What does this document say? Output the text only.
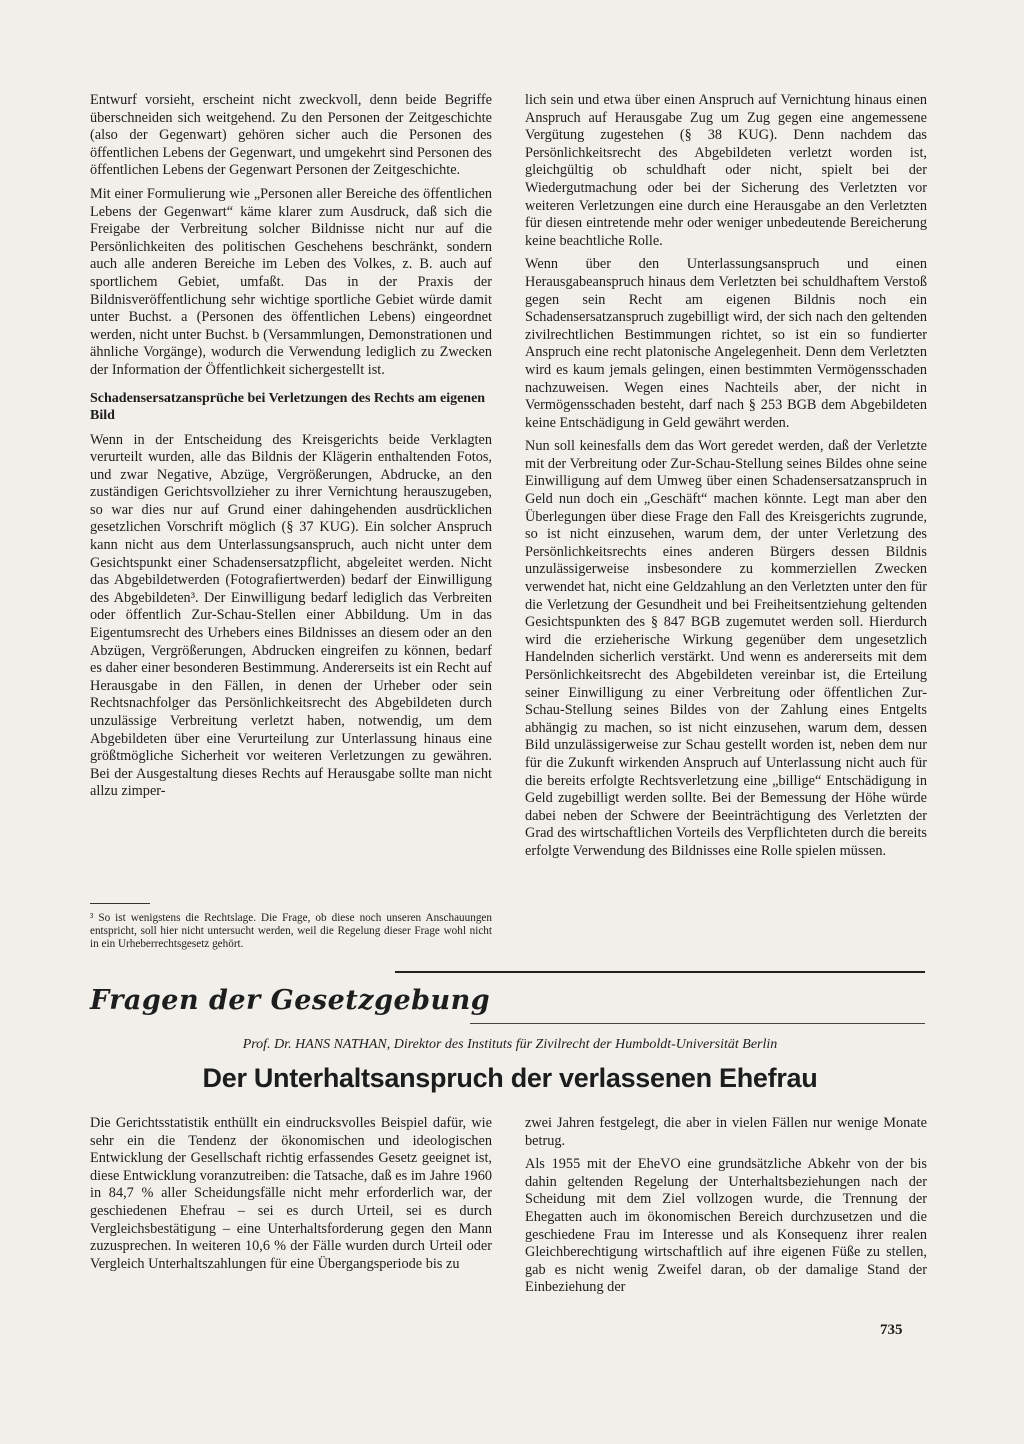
Entwurf vorsieht, erscheint nicht zweckvoll, denn beide Begriffe überschneiden sich weitgehend. Zu den Personen der Zeitgeschichte (also der Gegenwart) gehören sicher auch die Personen des öffentlichen Lebens der Gegenwart, und umgekehrt sind Personen des öffentlichen Lebens der Gegenwart Personen der Zeitgeschichte.

Mit einer Formulierung wie „Personen aller Bereiche des öffentlichen Lebens der Gegenwart“ käme klarer zum Ausdruck, daß sich die Freigabe der Verbreitung solcher Bildnisse nicht nur auf die Persönlichkeiten des politischen Geschehens beschränkt, sondern auch alle anderen Bereiche im Leben des Volkes, z. B. auch auf sportlichem Gebiet, umfaßt. Das in der Praxis der Bildnisveröffentlichung sehr wichtige sportliche Gebiet würde damit unter Buchst. a (Personen des öffentlichen Lebens) eingeordnet werden, nicht unter Buchst. b (Versammlungen, Demonstrationen und ähnliche Vorgänge), wodurch die Verwendung lediglich zu Zwecken der Information der Öffentlichkeit sichergestellt ist.

Schadensersatzansprüche bei Verletzungen des Rechts am eigenen Bild

Wenn in der Entscheidung des Kreisgerichts beide Verklagten verurteilt wurden, alle das Bildnis der Klägerin enthaltenden Fotos, und zwar Negative, Abzüge, Vergrößerungen, Abdrucke, an den zuständigen Gerichtsvollzieher zu ihrer Vernichtung herauszugeben, so war dies nur auf Grund einer dahingehenden ausdrücklichen gesetzlichen Vorschrift möglich (§ 37 KUG). Ein solcher Anspruch kann nicht aus dem Unterlassungsanspruch, auch nicht unter dem Gesichtspunkt einer Schadensersatzpflicht, abgeleitet werden. Nicht das Abgebildetwerden (Fotografiertwerden) bedarf der Einwilligung des Abgebildeten³. Der Einwilligung bedarf lediglich das Verbreiten oder öffentlich Zur-Schau-Stellen einer Abbildung. Um in das Eigentumsrecht des Urhebers eines Bildnisses an diesem oder an den Abzügen, Vergrößerungen, Abdrucken eingreifen zu können, bedarf es daher einer besonderen Bestimmung. Andererseits ist ein Recht auf Herausgabe in den Fällen, in denen der Urheber oder sein Rechtsnachfolger das Persönlichkeitsrecht des Abgebildeten durch unzulässige Verbreitung verletzt haben, notwendig, um dem Abgebildeten über eine Verurteilung zur Unterlassung hinaus eine größtmögliche Sicherheit vor weiteren Verletzungen zu gewähren. Bei der Ausgestaltung dieses Rechts auf Herausgabe sollte man nicht allzu zimper-

³ So ist wenigstens die Rechtslage. Die Frage, ob diese noch unseren Anschauungen entspricht, soll hier nicht untersucht werden, weil die Regelung dieser Frage wohl nicht in ein Urheberrechtsgesetz gehört.

lich sein und etwa über einen Anspruch auf Vernichtung hinaus einen Anspruch auf Herausgabe Zug um Zug gegen eine angemessene Vergütung zugestehen (§ 38 KUG). Denn nachdem das Persönlichkeitsrecht des Abgebildeten verletzt worden ist, gleichgültig ob schuldhaft oder nicht, spielt bei der Wiedergutmachung oder bei der Sicherung des Verletzten vor weiteren Verletzungen eine durch eine Herausgabe an den Verletzten für diesen eintretende mehr oder weniger unbedeutende Bereicherung keine beachtliche Rolle.

Wenn über den Unterlassungsanspruch und einen Herausgabeanspruch hinaus dem Verletzten bei schuldhaftem Verstoß gegen sein Recht am eigenen Bildnis noch ein Schadensersatzanspruch zugebilligt wird, der sich nach den geltenden zivilrechtlichen Bestimmungen richtet, so ist ein so fundierter Anspruch eine recht platonische Angelegenheit. Denn dem Verletzten wird es kaum jemals gelingen, einen bestimmten Vermögensschaden nachzuweisen. Wegen eines Nachteils aber, der nicht in Vermögensschaden besteht, darf nach § 253 BGB dem Abgebildeten keine Entschädigung in Geld gewährt werden.

Nun soll keinesfalls dem das Wort geredet werden, daß der Verletzte mit der Verbreitung oder Zur-Schau-Stellung seines Bildes ohne seine Einwilligung auf dem Umweg über einen Schadensersatzanspruch in Geld nun doch ein „Geschäft“ machen könnte. Legt man aber den Überlegungen über diese Frage den Fall des Kreisgerichts zugrunde, so ist nicht einzusehen, warum dem, der unter Verletzung des Persönlichkeitsrechts eines anderen Bürgers dessen Bildnis unzulässigerweise insbesondere zu kommerziellen Zwecken verwendet hat, nicht eine Geldzahlung an den Verletzten unter den für die Verletzung der Gesundheit und bei Freiheitsentziehung geltenden Gesichtspunkten des § 847 BGB zugemutet werden soll. Hierdurch wird die erzieherische Wirkung gegenüber dem ungesetzlich Handelnden sicherlich verstärkt. Und wenn es andererseits mit dem Persönlichkeitsrecht des Abgebildeten vereinbar ist, die Erteilung seiner Einwilligung zu einer Verbreitung oder öffentlichen Zur-Schau-Stellung seines Bildes von der Zahlung eines Entgelts abhängig zu machen, so ist nicht einzusehen, warum dem, dessen Bild unzulässigerweise zur Schau gestellt worden ist, neben dem nur für die Zukunft wirkenden Anspruch auf Unterlassung nicht auch für die bereits erfolgte Rechtsverletzung eine „billige“ Entschädigung in Geld zugebilligt werden sollte. Bei der Bemessung der Höhe würde dabei neben der Schwere der Beeinträchtigung des Verletzten der Grad des wirtschaftlichen Vorteils des Verpflichteten durch die bereits erfolgte Verwendung des Bildnisses eine Rolle spielen müssen.

Fragen der Gesetzgebung
Prof. Dr. HANS NATHAN, Direktor des Instituts für Zivilrecht der Humboldt-Universität Berlin
Der Unterhaltsanspruch der verlassenen Ehefrau

Die Gerichtsstatistik enthüllt ein eindrucksvolles Beispiel dafür, wie sehr ein die Tendenz der ökonomischen und ideologischen Entwicklung der Gesellschaft richtig erfassendes Gesetz geeignet ist, diese Entwicklung voranzutreiben: die Tatsache, daß es im Jahre 1960 in 84,7 % aller Scheidungsfälle nicht mehr erforderlich war, der geschiedenen Ehefrau – sei es durch Urteil, sei es durch Vergleichsbestätigung – eine Unterhaltsforderung gegen den Mann zuzusprechen. In weiteren 10,6 % der Fälle wurden durch Urteil oder Vergleich Unterhaltszahlungen für eine Übergangsperiode bis zu

zwei Jahren festgelegt, die aber in vielen Fällen nur wenige Monate betrug.

Als 1955 mit der EheVO eine grundsätzliche Abkehr von der bis dahin geltenden Regelung der Unterhaltsbeziehungen nach der Scheidung mit dem Ziel vollzogen wurde, die Trennung der Ehegatten auch im ökonomischen Bereich durchzusetzen und die geschiedene Frau im Interesse und als Konsequenz ihrer realen Gleichberechtigung wirtschaftlich auf ihre eigenen Füße zu stellen, gab es nicht wenig Zweifel daran, ob der damalige Stand der Einbeziehung der

735
